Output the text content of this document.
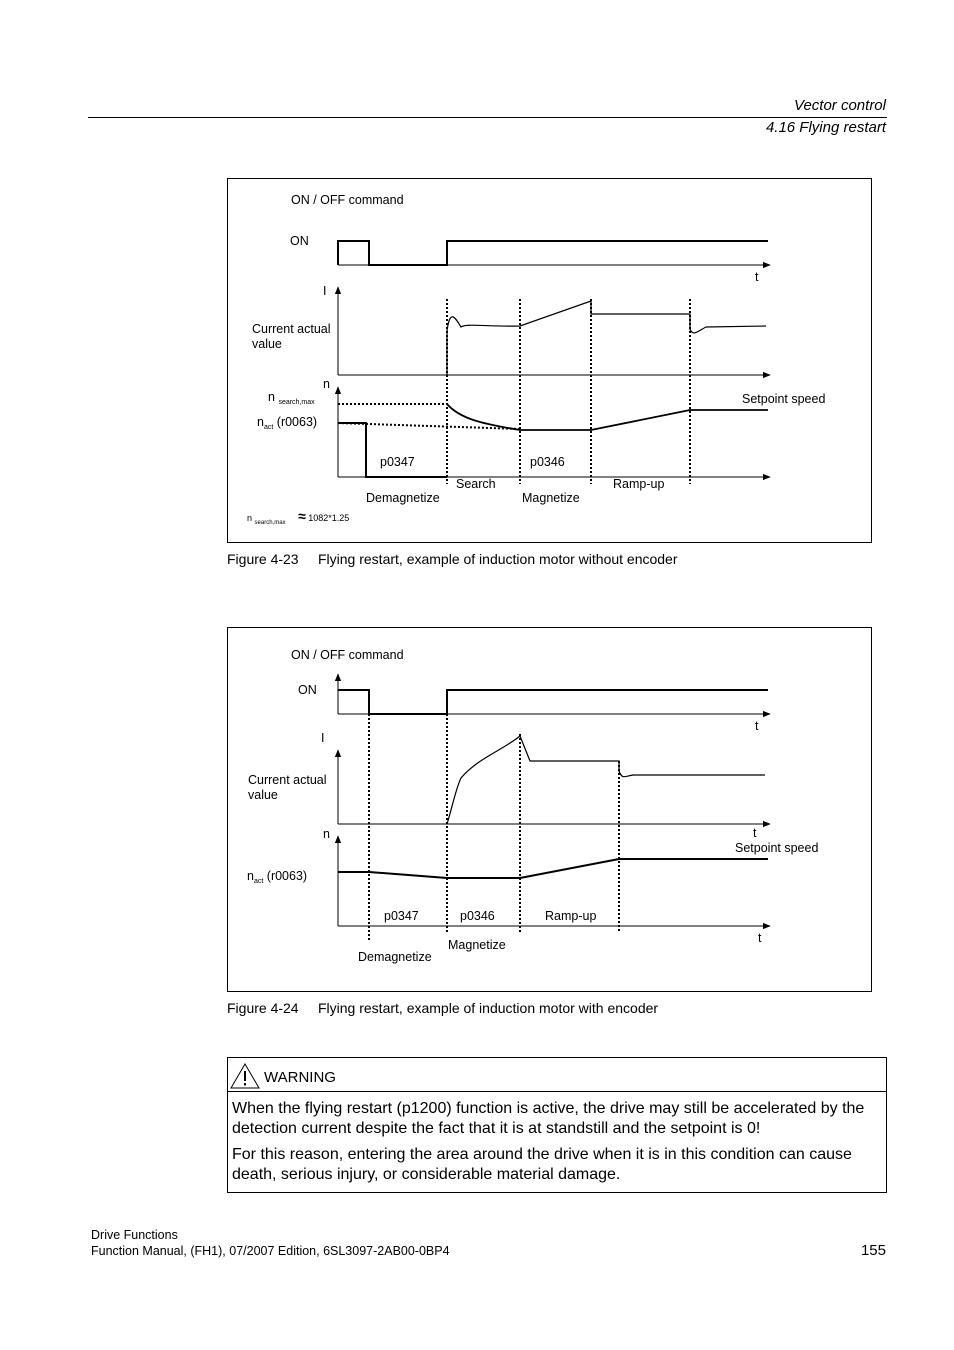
Vector control
4.16 Flying restart
ON / OFF command
ON
t
I
Current actual
value
n
n $_{search,max}$
$n_{act}$ (r0063)
Setpoint speed
p0347	p0346
Search	Ramp-up
Demagnetize	Magnetize
n $_{search,max}$ ≈ 1082*1.25
Figure 4-23 Flying restart, example of induction motor without encoder
ON / OFF command
ON
t
I
Current actual
value
n	t
Setpoint speed
$n_{act}$ (r0063)
p0347	p0346	Ramp-up
t
Magnetize
Demagnetize
Figure 4-24 Flying restart, example of induction motor with encoder
WARNING

When the flying restart (p1200) function is active, the drive may still be accelerated by the detection current despite the fact that it is at standstill and the setpoint is 0!

For this reason, entering the area around the drive when it is in this condition can cause death, serious injury, or considerable material damage.

Drive Functions
Function Manual, (FH1), 07/2007 Edition, 6SL3097-2AB00-0BP4	155
